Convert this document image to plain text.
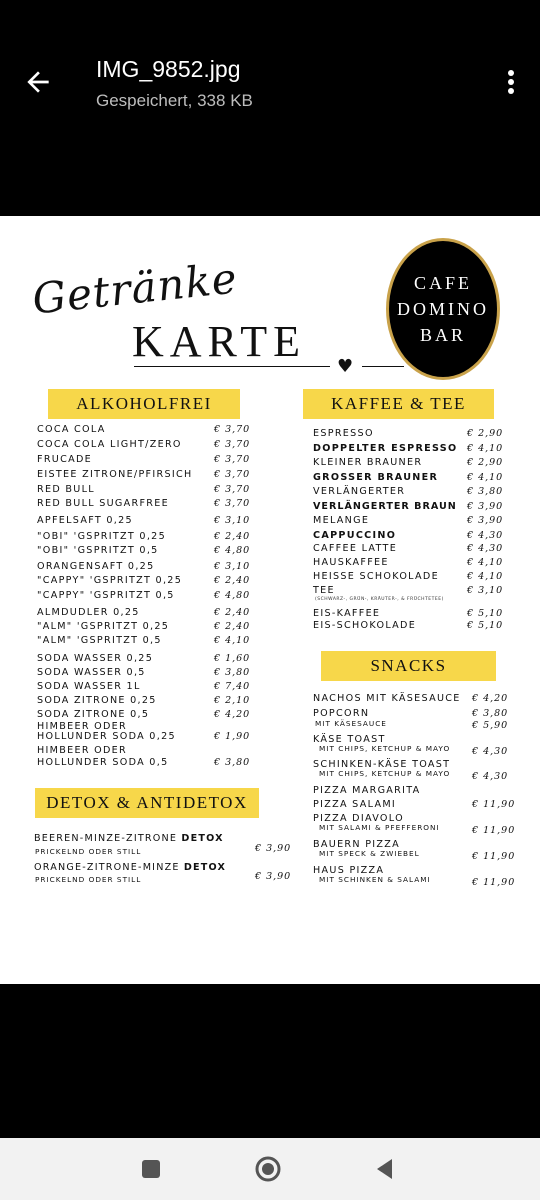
IMG_9852.jpg
Gespeichert, 338 KB
Getränke
KARTE
♥
CAFE
DOMINO
BAR
ALKOHOLFREI	KAFFEE & TEE
DETOX & ANTIDETOX
SNACKS
COCA COLA	€ 3,70
COCA COLA LIGHT/ZERO	€ 3,70
FRUCADE	€ 3,70
EISTEE ZITRONE/PFIRSICH € 3,70
RED BULL	€ 3,70
RED BULL SUGARFREE	€ 3,70
APFELSAFT 0,25	€ 3,10
"OBI" 'GSPRITZT 0,25	€ 2,40
"OBI" 'GSPRITZT 0,5	€ 4,80
ORANGENSAFT 0,25	€ 3,10
"CAPPY" 'GSPRITZT 0,25	€ 2,40
"CAPPY" 'GSPRITZT 0,5	€ 4,80
ALMDUDLER 0,25	€ 2,40
"ALM" 'GSPRITZT 0,25	€ 2,40
"ALM" 'GSPRITZT 0,5	€ 4,10
SODA WASSER 0,25	€ 1,60
SODA WASSER 0,5	€ 3,80
SODA WASSER 1L	€ 7,40
SODA ZITRONE 0,25	€ 2,10
SODA ZITRONE 0,5	€ 4,20
HIMBEER ODER
HOLLUNDER SODA 0,25	€ 1,90
HIMBEER ODER
HOLLUNDER SODA 0,5	€ 3,80
ESPRESSO	€ 2,90
DOPPELTER ESPRESSO € 4,10
KLEINER BRAUNER	€ 2,90
GROSSER BRAUNER	€ 4,10
VERLÄNGERTER	€ 3,80
VERLÄNGERTER BRAUN € 3,90
MELANGE	€ 3,90
CAPPUCCINO	€ 4,30
CAFFEE LATTE	€ 4,30
HAUSKAFFEE	€ 4,10
HEISSE SCHOKOLADE	€ 4,10
TEE	€ 3,10
EIS-KAFFEE	€ 5,10
EIS-SCHOKOLADE	€ 5,10
(SCHWARZ-, GRÜN-, KRÄUTER-, & FRÜCHTETEE)
BEEREN-MINZE-ZITRONE DETOX
PRICKELND ODER STILL	€ 3,90
ORANGE-ZITRONE-MINZE DETOX
PRICKELND ODER STILL	€ 3,90
NACHOS MIT KÄSESAUCE € 4,20
POPCORN	€ 3,80
MIT KÄSESAUCE	€ 5,90
KÄSE TOAST
MIT CHIPS, KETCHUP & MAYO € 4,30
SCHINKEN-KÄSE TOAST
MIT CHIPS, KETCHUP & MAYO € 4,30
PIZZA MARGARITA
PIZZA SALAMI	€ 11,90
PIZZA DIAVOLO
MIT SALAMI & PFEFFERONI	€ 11,90
BAUERN PIZZA
MIT SPECK & ZWIEBEL	€ 11,90
HAUS PIZZA
MIT SCHINKEN & SALAMI	€ 11,90
